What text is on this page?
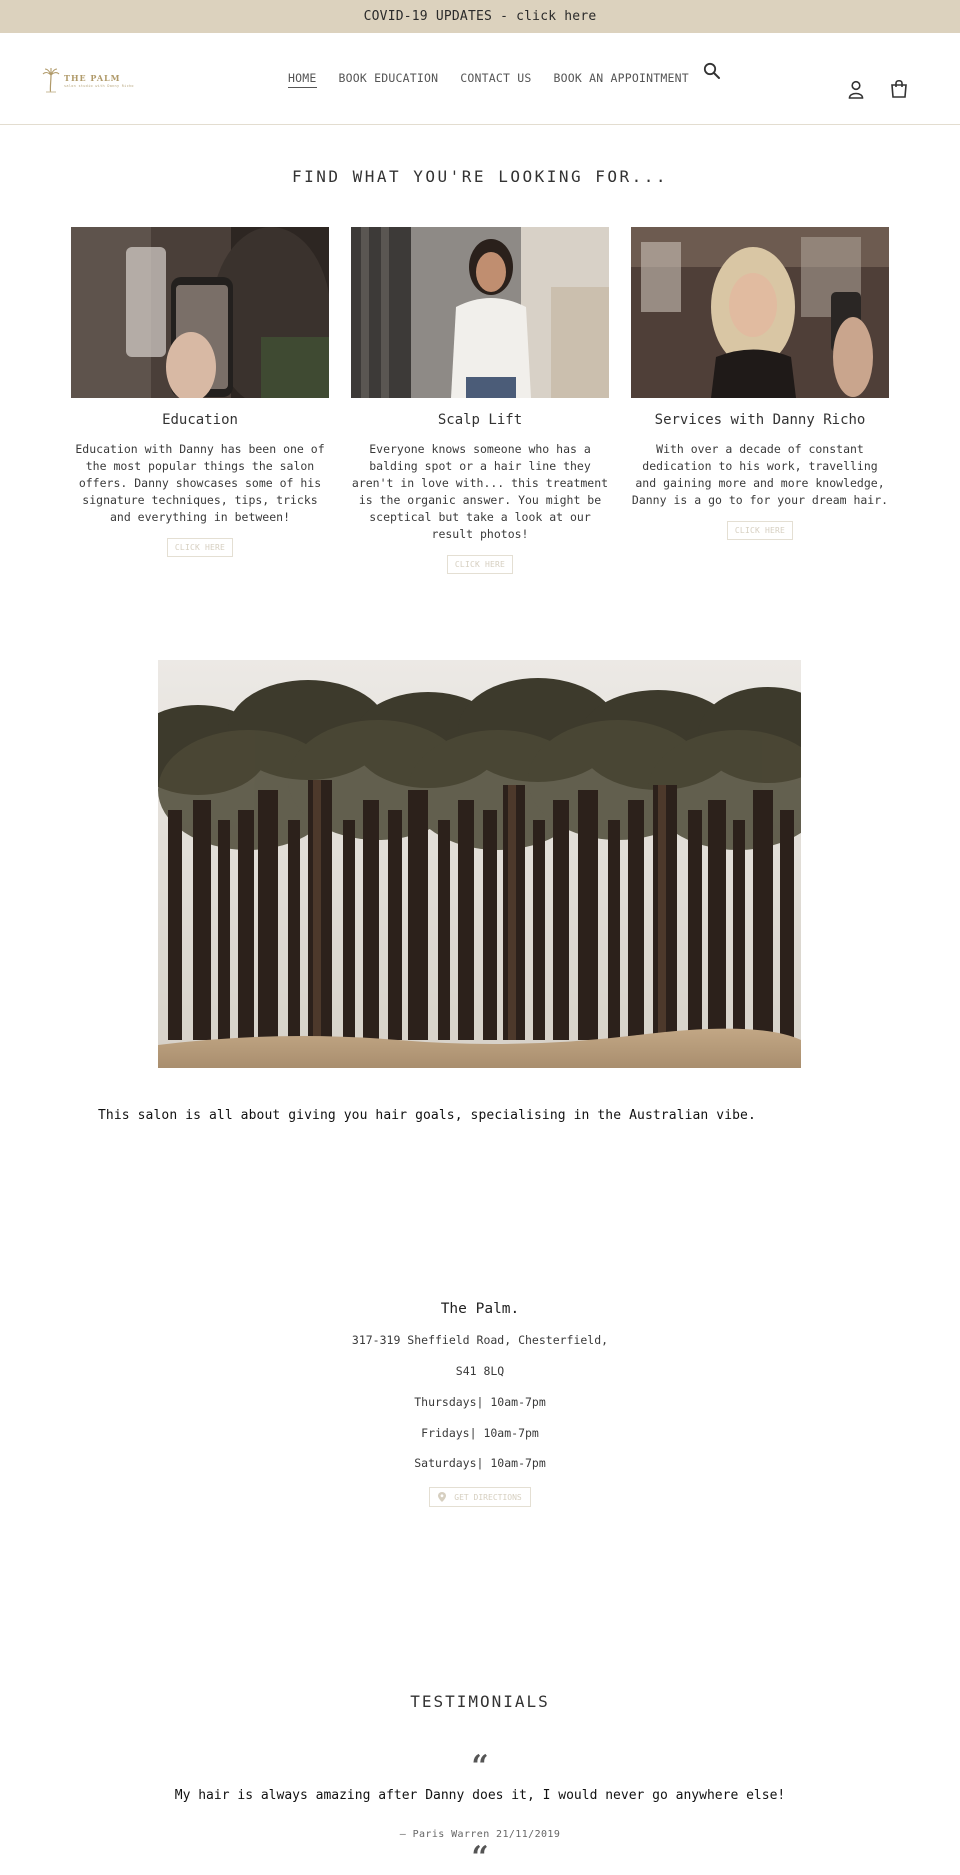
COVID-19 UPDATES - click here
THE PALM
salon studio with Danny Richo
HOME BOOK EDUCATION CONTACT US BOOK AN APPOINTMENT
FIND WHAT YOU'RE LOOKING FOR...
Education
Education with Danny has been one of the most popular things the salon offers. Danny showcases some of his signature techniques, tips, tricks and everything in between!
CLICK HERE
Scalp Lift
Everyone knows someone who has a balding spot or a hair line they aren't in love with... this treatment is the organic answer. You might be sceptical but take a look at our result photos!
CLICK HERE
Services with Danny Richo
With over a decade of constant dedication to his work, travelling and gaining more and more knowledge, Danny is a go to for your dream hair.
CLICK HERE
This salon is all about giving you hair goals, specialising in the Australian vibe.
The Palm.
317-319 Sheffield Road, Chesterfield,
S41 8LQ
Thursdays| 10am-7pm
Fridays| 10am-7pm
Saturdays| 10am-7pm
GET DIRECTIONS
TESTIMONIALS
“
My hair is always amazing after Danny does it, I would never go anywhere else!
— Paris Warren 21/11/2019
“
